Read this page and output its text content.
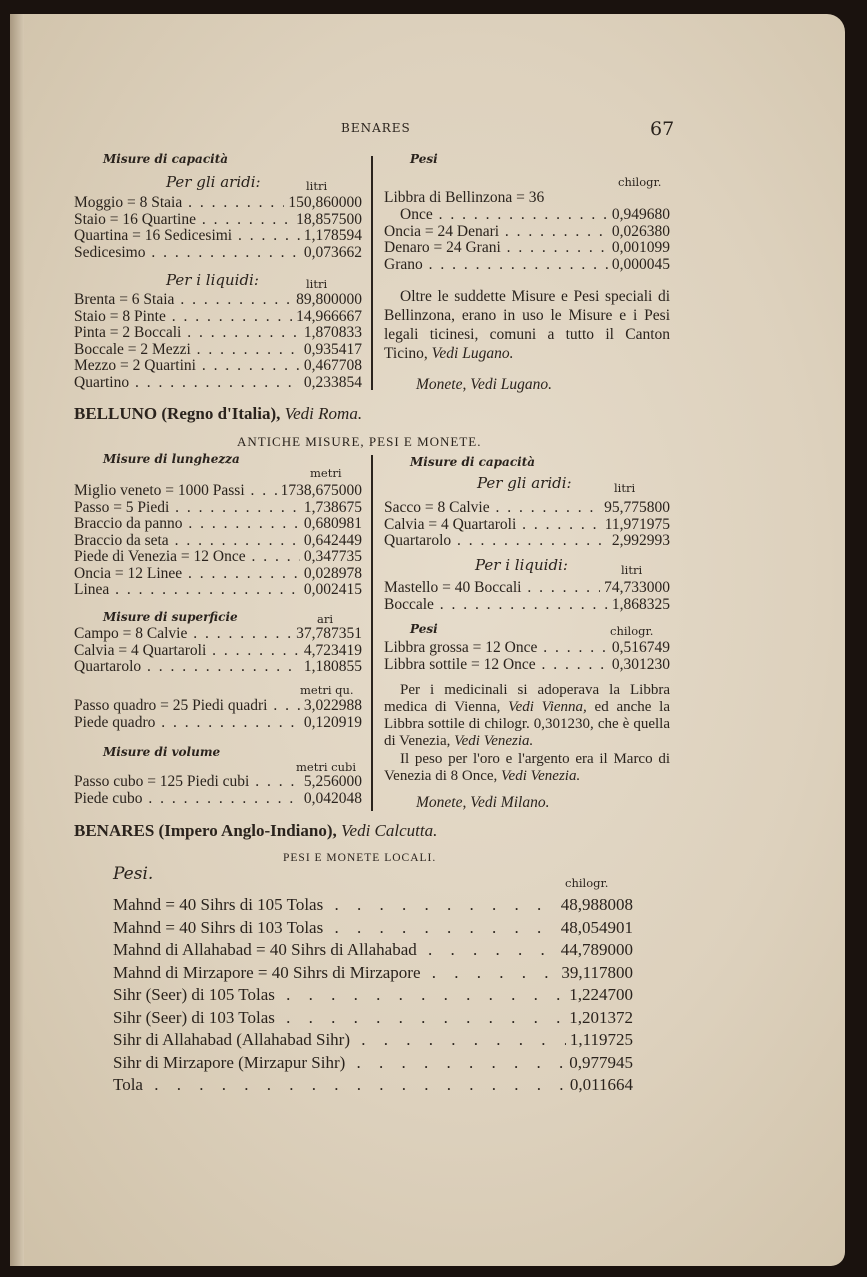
BENARES	67
Misure di capacità
Per gli aridi:	litri
Moggio = 8 Staia . . .	150,860000
Staio = 16 Quartine . . .	18,857500
Quartina = 16 Sedicesimi . . .	1,178594
Sedicesimo . . .	0,073662
Per i liquidi:	litri
Brenta = 6 Staia . . .	89,800000
Staio = 8 Pinte . . .	14,966667
Pinta = 2 Boccali . . .	1,870833
Boccale = 2 Mezzi . . .	0,935417
Mezzo = 2 Quartini . . .	0,467708
Quartino . . .	0,233854
Pesi
chilogr.
Libbra di Bellinzona = 36
Once . . .	0,949680
Oncia = 24 Denari . . .	0,026380
Denaro = 24 Grani . . .	0,001099
Grano . . .	0,000045
Oltre le suddette Misure e Pesi speciali di Bellinzona, erano in uso le Misure e i Pesi legali ticinesi, comuni a tutto il Canton Ticino, Vedi Lugano.
Monete, Vedi Lugano.
BELLUNO (Regno d'Italia), Vedi Roma.
ANTICHE MISURE, PESI E MONETE.
Misure di lunghezza
metri
Miglio veneto = 1000 Passi . . .	1738,675000
Passo = 5 Piedi . . .	1,738675
Braccio da panno . . .	0,680981
Braccio da seta . . .	0,642449
Piede di Venezia = 12 Once . . .	0,347735
Oncia = 12 Linee . . .	0,028978
Linea . . .	0,002415
Misure di superficie	ari
Campo = 8 Calvie . . .	37,787351
Calvia = 4 Quartaroli . . .	4,723419
Quartarolo . . .	1,180855
metri qu.
Passo quadro = 25 Piedi quadri . . .	3,022988
Piede quadro . . .	0,120919
Misure di volume
metri cubi
Passo cubo = 125 Piedi cubi . . .	5,256000
Piede cubo . . .	0,042048
Misure di capacità
Per gli aridi:	litri
Sacco = 8 Calvie . . .	95,775800
Calvia = 4 Quartaroli . . .	11,971975
Quartarolo . . .	2,992993
Per i liquidi:	litri
Mastello = 40 Boccali . . .	74,733000
Boccale . . .	1,868325
Pesi	chilogr.
Libbra grossa = 12 Once . . .	0,516749
Libbra sottile = 12 Once . . .	0,301230
Per i medicinali si adoperava la Libbra medica di Vienna, Vedi Vienna, ed anche la Libbra sottile di chilogr. 0,301230, che è quella di Venezia, Vedi Venezia.
Il peso per l'oro e l'argento era il Marco di Venezia di 8 Once, Vedi Venezia.
Monete, Vedi Milano.
BENARES (Impero Anglo-Indiano), Vedi Calcutta.
PESI E MONETE LOCALI.
Pesi.	chilogr.
Mahnd = 40 Sihrs di 105 Tolas . . .	48,988008
Mahnd = 40 Sihrs di 103 Tolas . . .	48,054901
Mahnd di Allahabad = 40 Sihrs di Allahabad . . .	44,789000
Mahnd di Mirzapore = 40 Sihrs di Mirzapore . . .	39,117800
Sihr (Seer) di 105 Tolas . . .	1,224700
Sihr (Seer) di 103 Tolas . . .	1,201372
Sihr di Allahabad (Allahabad Sihr) . . .	1,119725
Sihr di Mirzapore (Mirzapur Sihr) . . .	0,977945
Tola . . .	0,011664
